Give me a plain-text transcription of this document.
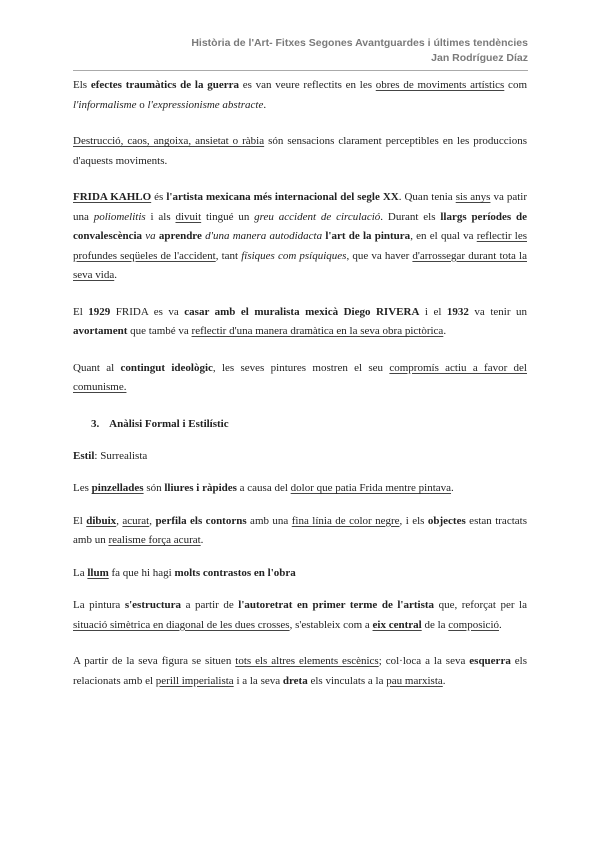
Història de l'Art- Fitxes Segones Avantguardes i últimes tendències
Jan Rodríguez Díaz

Els efectes traumàtics de la guerra es van veure reflectits en les obres de moviments artístics com l'informalisme o l'expressionisme abstracte.

Destrucció, caos, angoixa, ansietat o ràbia són sensacions clarament perceptibles en les produccions d'aquests moviments.

FRIDA KAHLO és l'artista mexicana més internacional del segle XX. Quan tenia sis anys va patir una poliomelitis i als divuit tingué un greu accident de circulació. Durant els llargs períodes de convalescència va aprendre d'una manera autodidacta l'art de la pintura, en el qual va reflectir les profundes seqüeles de l'accident, tant físiques com psíquiques, que va haver d'arrossegar durant tota la seva vida.

El 1929 FRIDA es va casar amb el muralista mexicà Diego RIVERA i el 1932 va tenir un avortament que també va reflectir d'una manera dramàtica en la seva obra pictòrica.

Quant al contingut ideològic, les seves pintures mostren el seu compromís actiu a favor del comunisme.

3. Anàlisi Formal i Estilístic

Estil: Surrealista

Les pinzellades són lliures i ràpides a causa del dolor que patia Frida mentre pintava.

El dibuix, acurat, perfila els contorns amb una fina línia de color negre, i els objectes estan tractats amb un realisme força acurat.

La llum fa que hi hagi molts contrastos en l'obra

La pintura s'estructura a partir de l'autoretrat en primer terme de l'artista que, reforçat per la situació simètrica en diagonal de les dues crosses, s'estableix com a eix central de la composició.

A partir de la seva figura se situen tots els altres elements escènics; col·loca a la seva esquerra els relacionats amb el perill imperialista i a la seva dreta els vinculats a la pau marxista.
